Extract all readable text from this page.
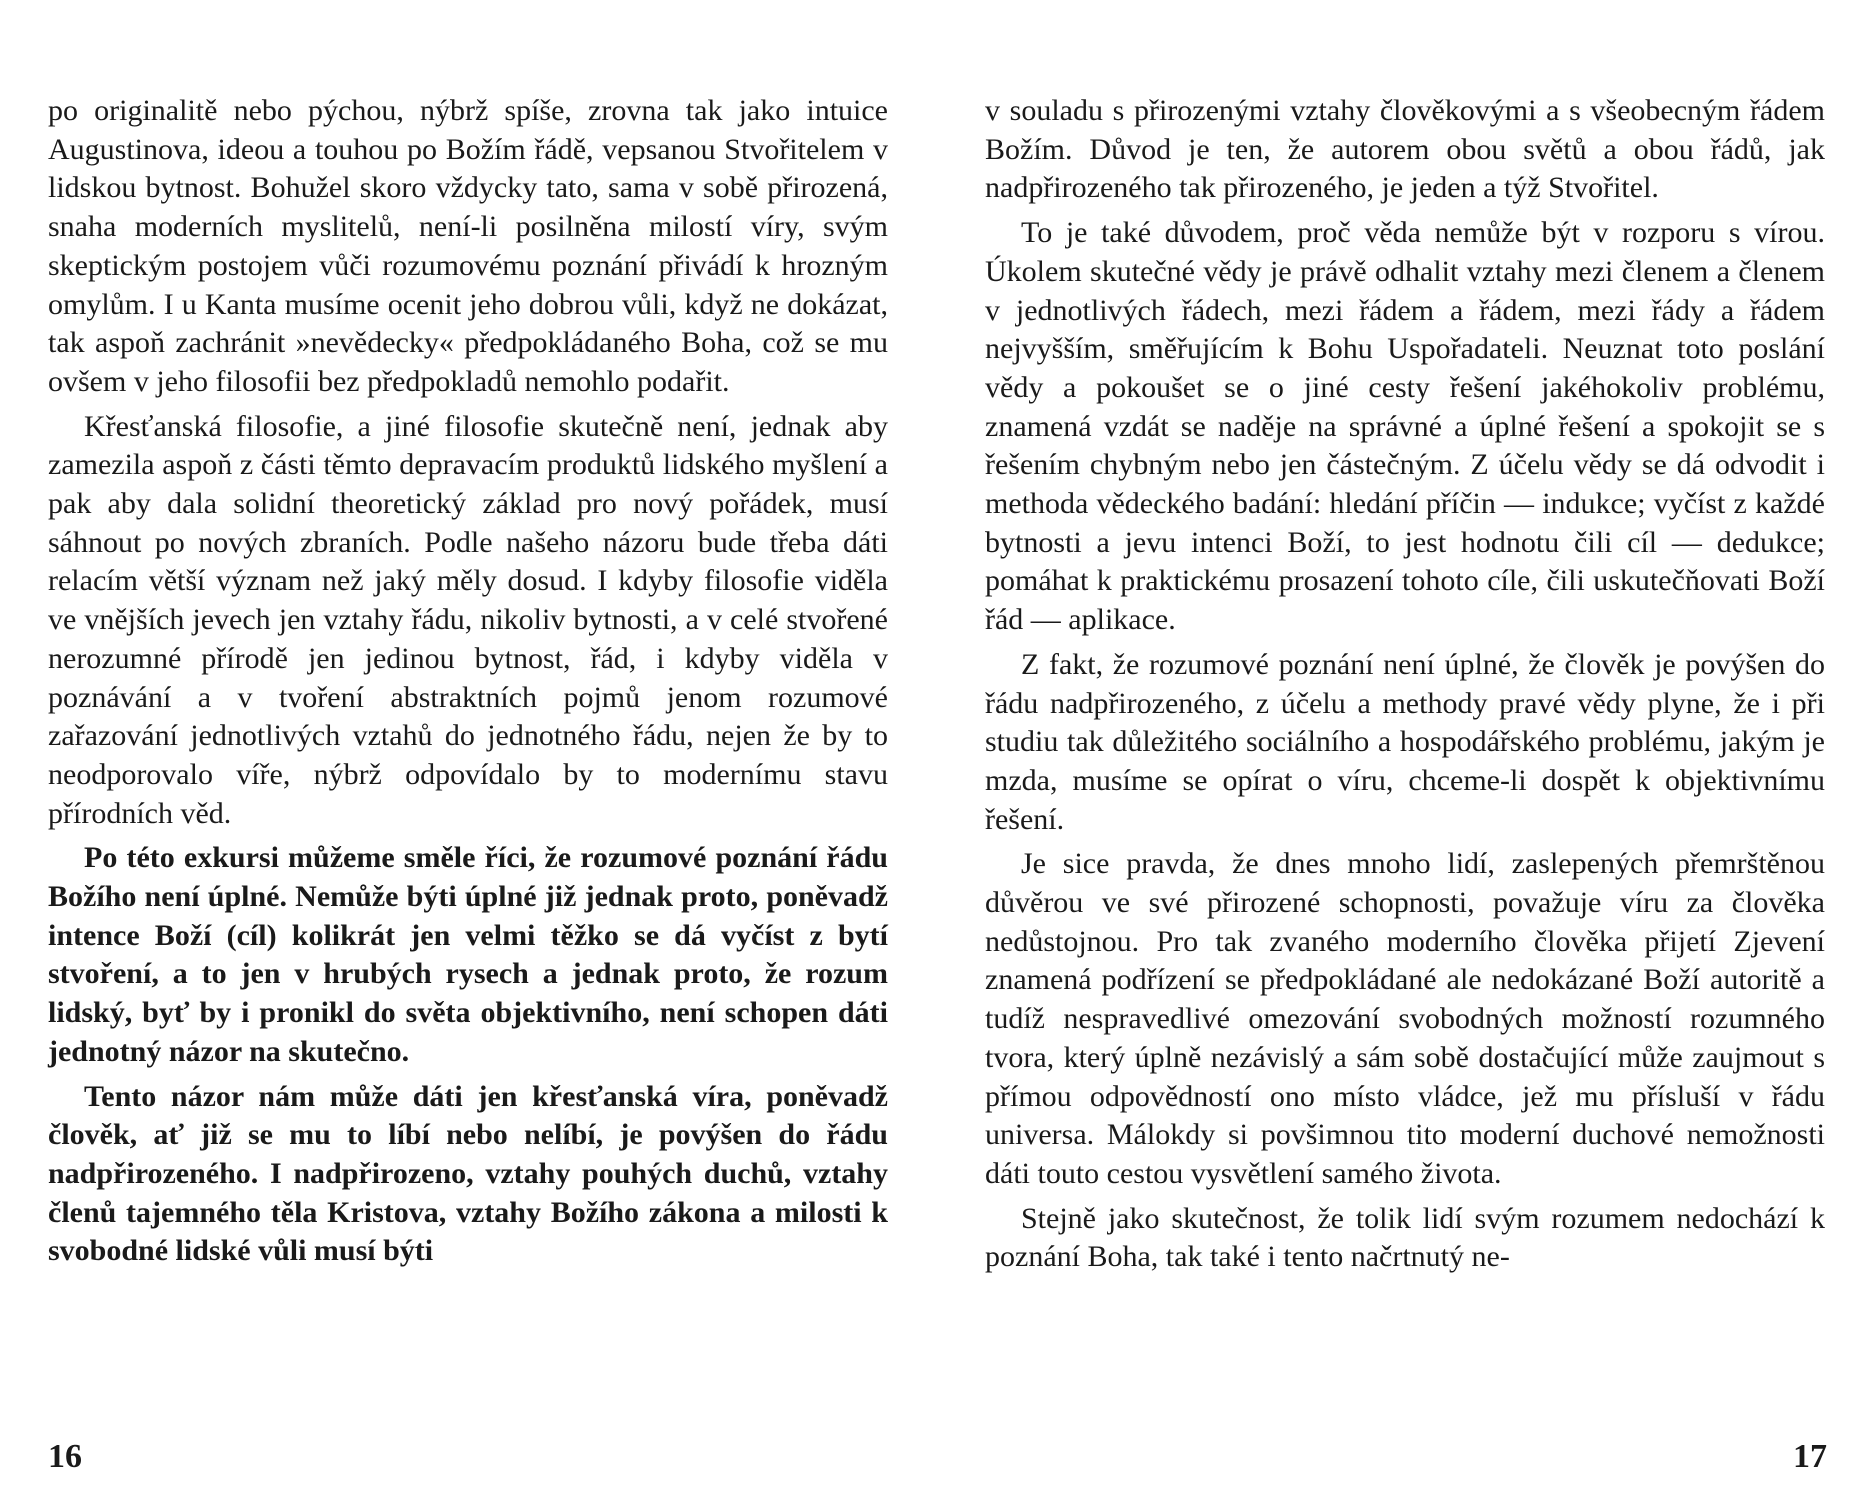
po originalitě nebo pýchou, nýbrž spíše, zrovna tak jako intuice Augustinova, ideou a touhou po Božím řádě, vepsanou Stvořitelem v lidskou bytnost. Bohužel skoro vždycky tato, sama v sobě přirozená, snaha moderních myslitelů, není-li posilněna milostí víry, svým skeptickým postojem vůči rozumovému poznání přivádí k hrozným omylům. I u Kanta musíme ocenit jeho dobrou vůli, když ne dokázat, tak aspoň zachránit »nevědecky« předpokládaného Boha, což se mu ovšem v jeho filosofii bez předpokladů nemohlo podařit.

Křesťanská filosofie, a jiné filosofie skutečně není, jednak aby zamezila aspoň z části těmto depravacím produktů lidského myšlení a pak aby dala solidní theoretický základ pro nový pořádek, musí sáhnout po nových zbraních. Podle našeho názoru bude třeba dáti relacím větší význam než jaký měly dosud. I kdyby filosofie viděla ve vnějších jevech jen vztahy řádu, nikoliv bytnosti, a v celé stvořené nerozumné přírodě jen jedinou bytnost, řád, i kdyby viděla v poznávání a v tvoření abstraktních pojmů jenom rozumové zařazování jednotlivých vztahů do jednotného řádu, nejen že by to neodporovalo víře, nýbrž odpovídalo by to modernímu stavu přírodních věd.

Po této exkursi můžeme směle říci, že rozumové poznání řádu Božího není úplné. Nemůže býti úplné již jednak proto, poněvadž intence Boží (cíl) kolikrát jen velmi těžko se dá vyčíst z bytí stvoření, a to jen v hrubých rysech a jednak proto, že rozum lidský, byť by i pronikl do světa objektivního, není schopen dáti jednotný názor na skutečno.

Tento názor nám může dáti jen křesťanská víra, poněvadž člověk, ať již se mu to líbí nebo nelíbí, je povýšen do řádu nadpřirozeného. I nadpřirozeno, vztahy pouhých duchů, vztahy členů tajemného těla Kristova, vztahy Božího zákona a milosti k svobodné lidské vůli musí býti

16

v souladu s přirozenými vztahy člověkovými a s všeobecným řádem Božím. Důvod je ten, že autorem obou světů a obou řádů, jak nadpřirozeného tak přirozeného, je jeden a týž Stvořitel.

To je také důvodem, proč věda nemůže být v rozporu s vírou. Úkolem skutečné vědy je právě odhalit vztahy mezi členem a členem v jednotlivých řádech, mezi řádem a řádem, mezi řády a řádem nejvyšším, směřujícím k Bohu Uspořadateli. Neuznat toto poslání vědy a pokoušet se o jiné cesty řešení jakéhokoliv problému, znamená vzdát se naděje na správné a úplné řešení a spokojit se s řešením chybným nebo jen částečným. Z účelu vědy se dá odvodit i methoda vědeckého badání: hledání příčin — indukce; vyčíst z každé bytnosti a jevu intenci Boží, to jest hodnotu čili cíl — dedukce; pomáhat k praktickému prosazení tohoto cíle, čili uskutečňovati Boží řád — aplikace.

Z fakt, že rozumové poznání není úplné, že člověk je povýšen do řádu nadpřirozeného, z účelu a methody pravé vědy plyne, že i při studiu tak důležitého sociálního a hospodářského problému, jakým je mzda, musíme se opírat o víru, chceme-li dospět k objektivnímu řešení.

Je sice pravda, že dnes mnoho lidí, zaslepených přemrštěnou důvěrou ve své přirozené schopnosti, považuje víru za člověka nedůstojnou. Pro tak zvaného moderního člověka přijetí Zjevení znamená podřízení se předpokládané ale nedokázané Boží autoritě a tudíž nespravedlivé omezování svobodných možností rozumného tvora, který úplně nezávislý a sám sobě dostačující může zaujmout s přímou odpovědností ono místo vládce, jež mu přísluší v řádu universa. Málokdy si povšimnou tito moderní duchové nemožnosti dáti touto cestou vysvětlení samého života.

Stejně jako skutečnost, že tolik lidí svým rozumem nedochází k poznání Boha, tak také i tento načrtnutý ne-

17
